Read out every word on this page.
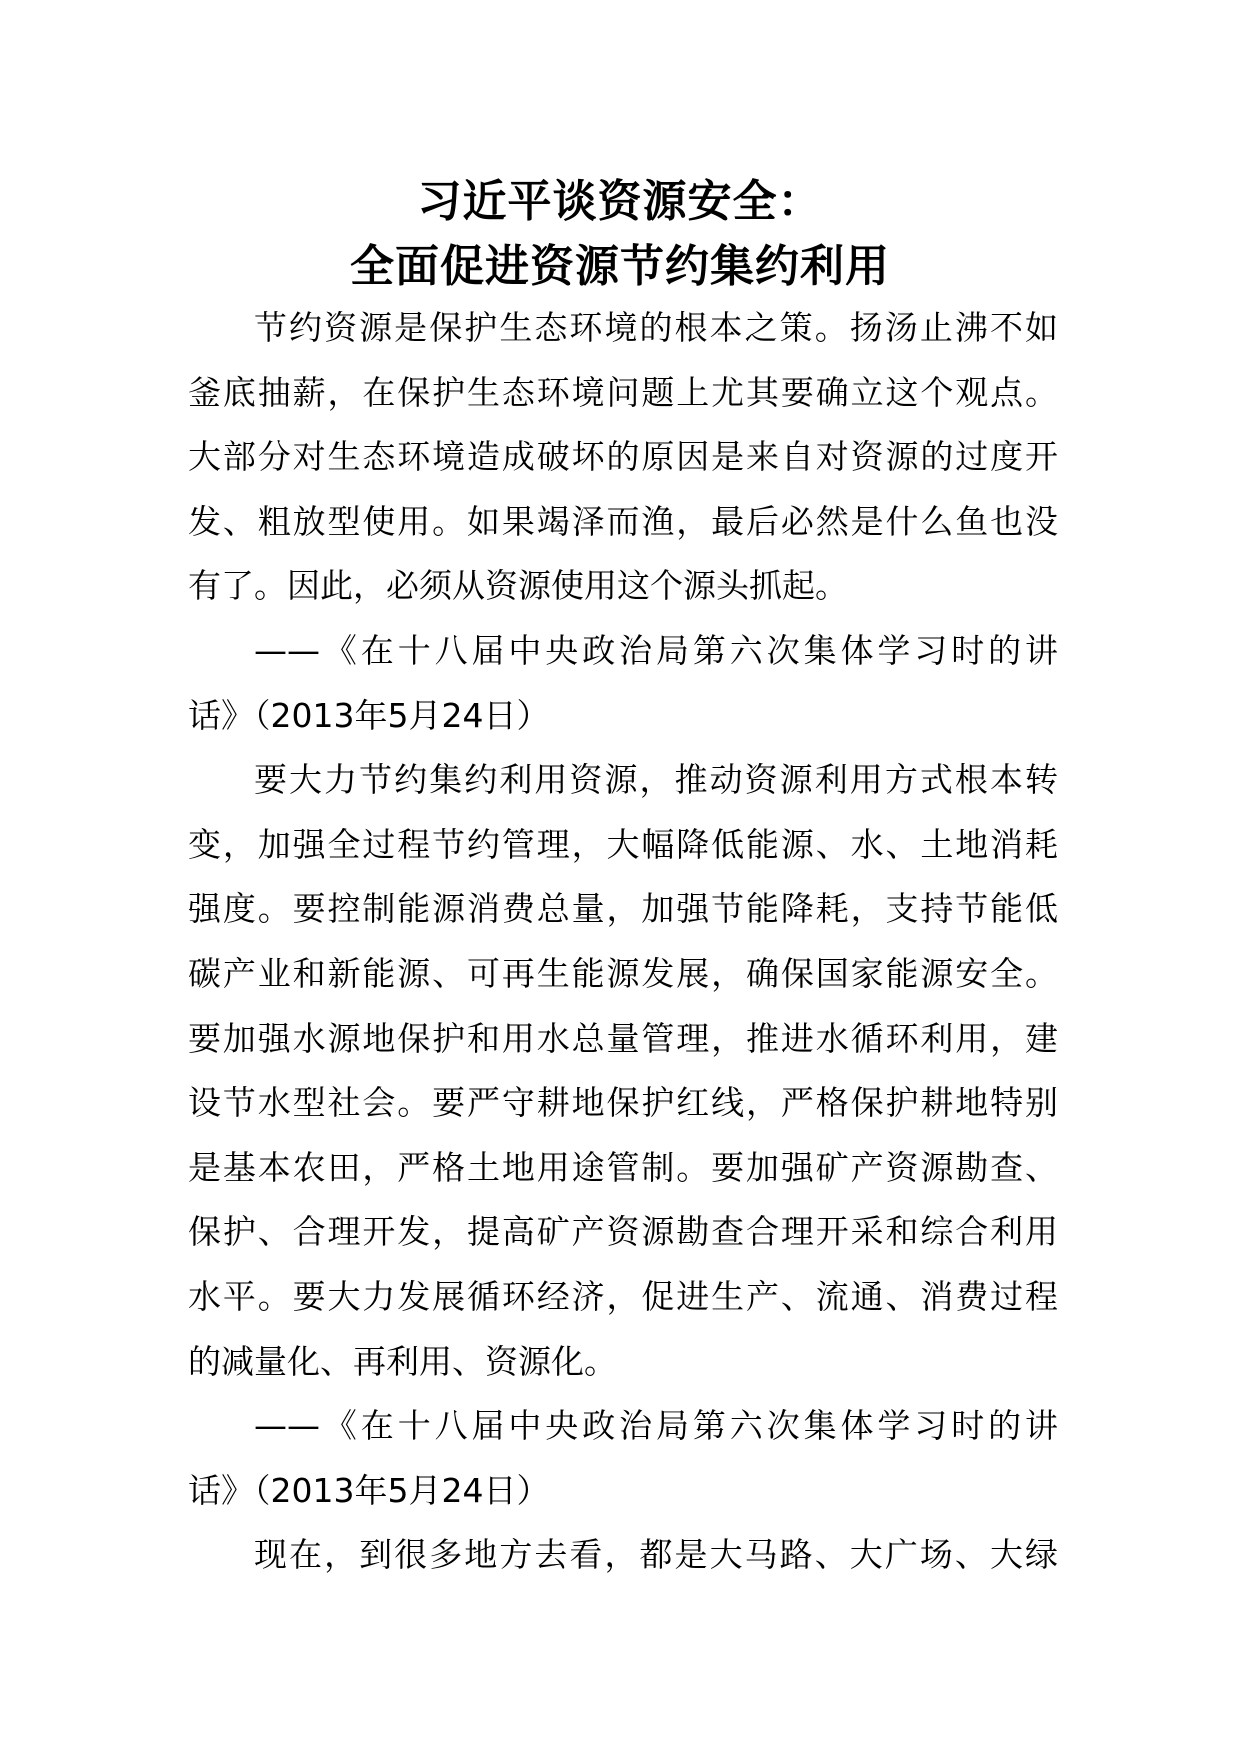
习近平谈资源安全：
全面促进资源节约集约利用
节约资源是保护生态环境的根本之策。扬汤止沸不如
釜底抽薪，在保护生态环境问题上尤其要确立这个观点。
大部分对生态环境造成破坏的原因是来自对资源的过度开
发、粗放型使用。如果竭泽而渔，最后必然是什么鱼也没
有了。因此，必须从资源使用这个源头抓起。
——《在十八届中央政治局第六次集体学习时的讲
话》（2013年5月24日）
要大力节约集约利用资源，推动资源利用方式根本转
变，加强全过程节约管理，大幅降低能源、水、土地消耗
强度。要控制能源消费总量，加强节能降耗，支持节能低
碳产业和新能源、可再生能源发展，确保国家能源安全。
要加强水源地保护和用水总量管理，推进水循环利用，建
设节水型社会。要严守耕地保护红线，严格保护耕地特别
是基本农田，严格土地用途管制。要加强矿产资源勘查、
保护、合理开发，提高矿产资源勘查合理开采和综合利用
水平。要大力发展循环经济，促进生产、流通、消费过程
的减量化、再利用、资源化。
——《在十八届中央政治局第六次集体学习时的讲
话》（2013年5月24日）
现在，到很多地方去看，都是大马路、大广场、大绿
